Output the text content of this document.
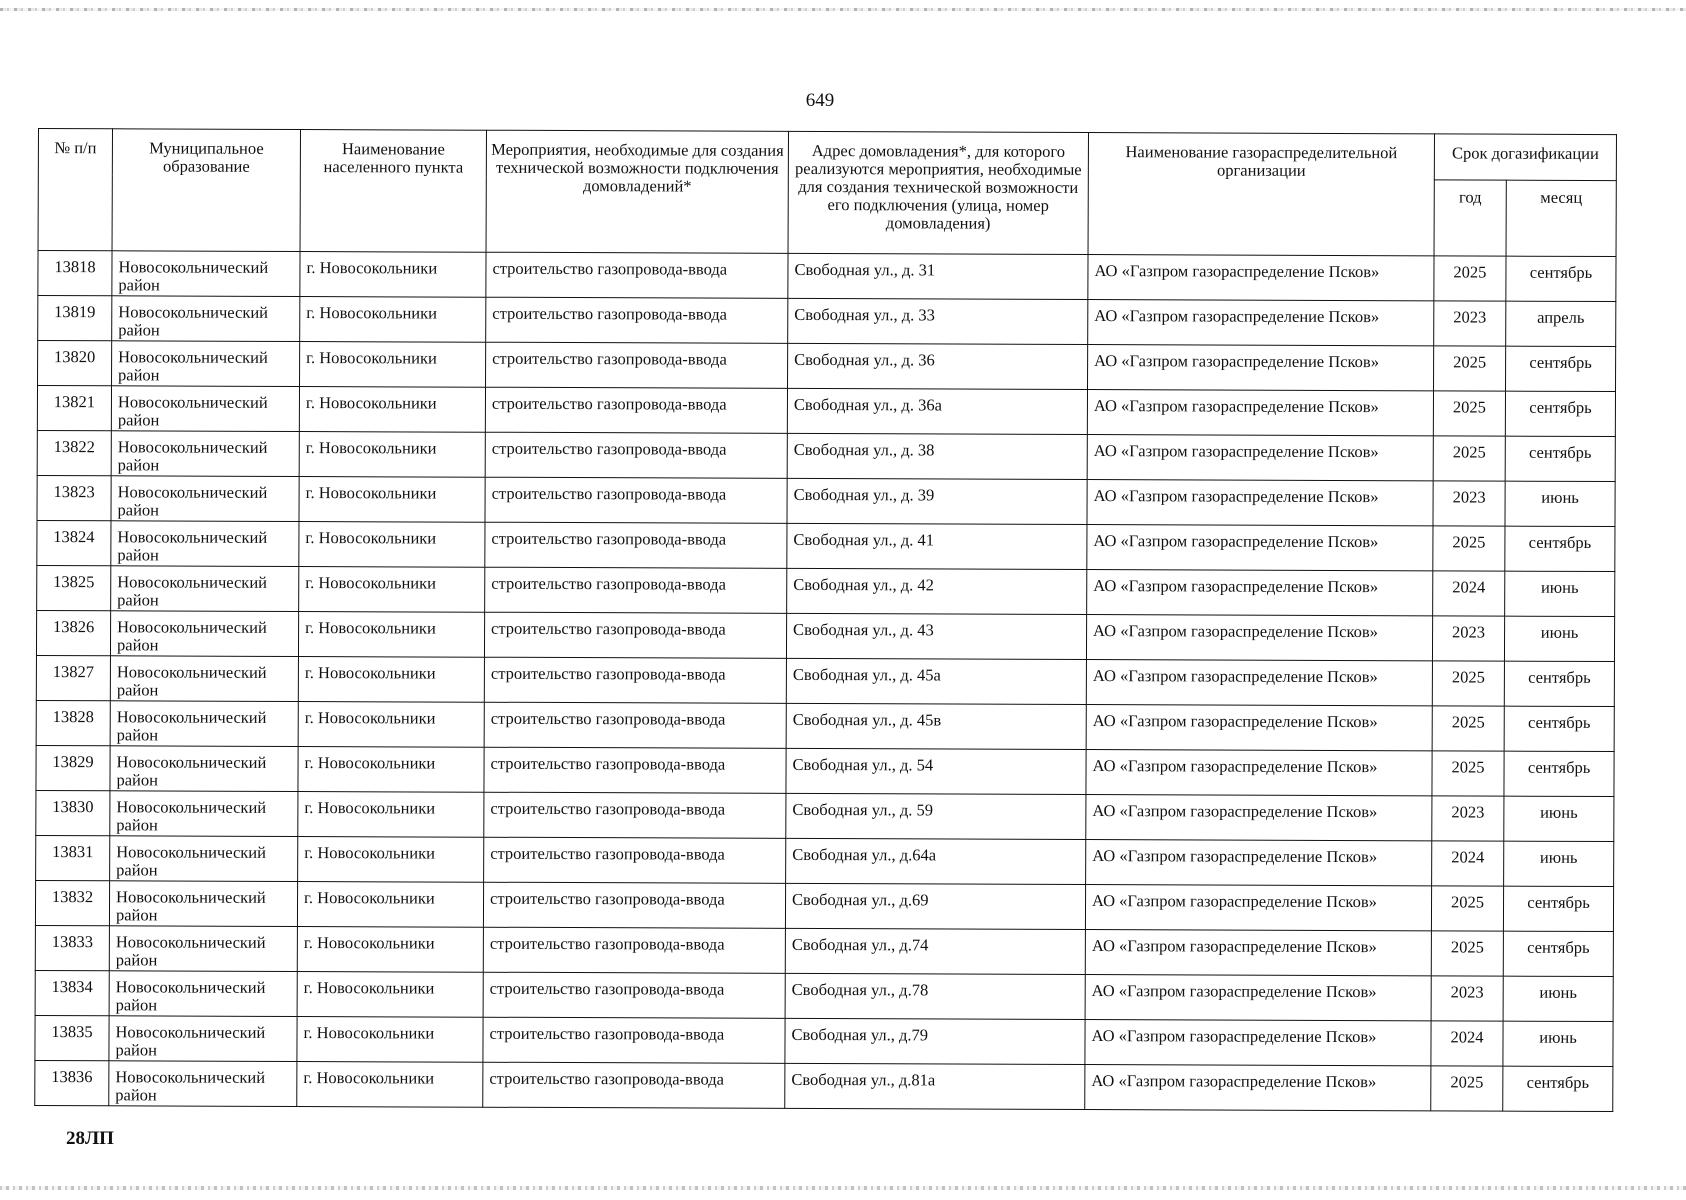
649
№ п/п	Муниципальное образование	Наименование населенного пункта	Мероприятия, необходимые для создания технической возможности подключения домовладений*	Адрес домовладения*, для которого реализуются мероприятия, необходимые для создания технической возможности его подключения (улица, номер домовладения)	Наименование газораспределительной организации	Срок догазификации	
						год	месяц
13818	Новосокольнический район	г. Новосокольники	строительство газопровода-ввода	Свободная ул., д. 31	АО «Газпром газораспределение Псков»	2025	сентябрь
13819	Новосокольнический район	г. Новосокольники	строительство газопровода-ввода	Свободная ул., д. 33	АО «Газпром газораспределение Псков»	2023	апрель
13820	Новосокольнический район	г. Новосокольники	строительство газопровода-ввода	Свободная ул., д. 36	АО «Газпром газораспределение Псков»	2025	сентябрь
13821	Новосокольнический район	г. Новосокольники	строительство газопровода-ввода	Свободная ул., д. 36а	АО «Газпром газораспределение Псков»	2025	сентябрь
13822	Новосокольнический район	г. Новосокольники	строительство газопровода-ввода	Свободная ул., д. 38	АО «Газпром газораспределение Псков»	2025	сентябрь
13823	Новосокольнический район	г. Новосокольники	строительство газопровода-ввода	Свободная ул., д. 39	АО «Газпром газораспределение Псков»	2023	июнь
13824	Новосокольнический район	г. Новосокольники	строительство газопровода-ввода	Свободная ул., д. 41	АО «Газпром газораспределение Псков»	2025	сентябрь
13825	Новосокольнический район	г. Новосокольники	строительство газопровода-ввода	Свободная ул., д. 42	АО «Газпром газораспределение Псков»	2024	июнь
13826	Новосокольнический район	г. Новосокольники	строительство газопровода-ввода	Свободная ул., д. 43	АО «Газпром газораспределение Псков»	2023	июнь
13827	Новосокольнический район	г. Новосокольники	строительство газопровода-ввода	Свободная ул., д. 45а	АО «Газпром газораспределение Псков»	2025	сентябрь
13828	Новосокольнический район	г. Новосокольники	строительство газопровода-ввода	Свободная ул., д. 45в	АО «Газпром газораспределение Псков»	2025	сентябрь
13829	Новосокольнический район	г. Новосокольники	строительство газопровода-ввода	Свободная ул., д. 54	АО «Газпром газораспределение Псков»	2025	сентябрь
13830	Новосокольнический район	г. Новосокольники	строительство газопровода-ввода	Свободная ул., д. 59	АО «Газпром газораспределение Псков»	2023	июнь
13831	Новосокольнический район	г. Новосокольники	строительство газопровода-ввода	Свободная ул., д.64а	АО «Газпром газораспределение Псков»	2024	июнь
13832	Новосокольнический район	г. Новосокольники	строительство газопровода-ввода	Свободная ул., д.69	АО «Газпром газораспределение Псков»	2025	сентябрь
13833	Новосокольнический район	г. Новосокольники	строительство газопровода-ввода	Свободная ул., д.74	АО «Газпром газораспределение Псков»	2025	сентябрь
13834	Новосокольнический район	г. Новосокольники	строительство газопровода-ввода	Свободная ул., д.78	АО «Газпром газораспределение Псков»	2023	июнь
13835	Новосокольнический район	г. Новосокольники	строительство газопровода-ввода	Свободная ул., д.79	АО «Газпром газораспределение Псков»	2024	июнь
13836	Новосокольнический район	г. Новосокольники	строительство газопровода-ввода	Свободная ул., д.81а	АО «Газпром газораспределение Псков»	2025	сентябрь
28ЛП
